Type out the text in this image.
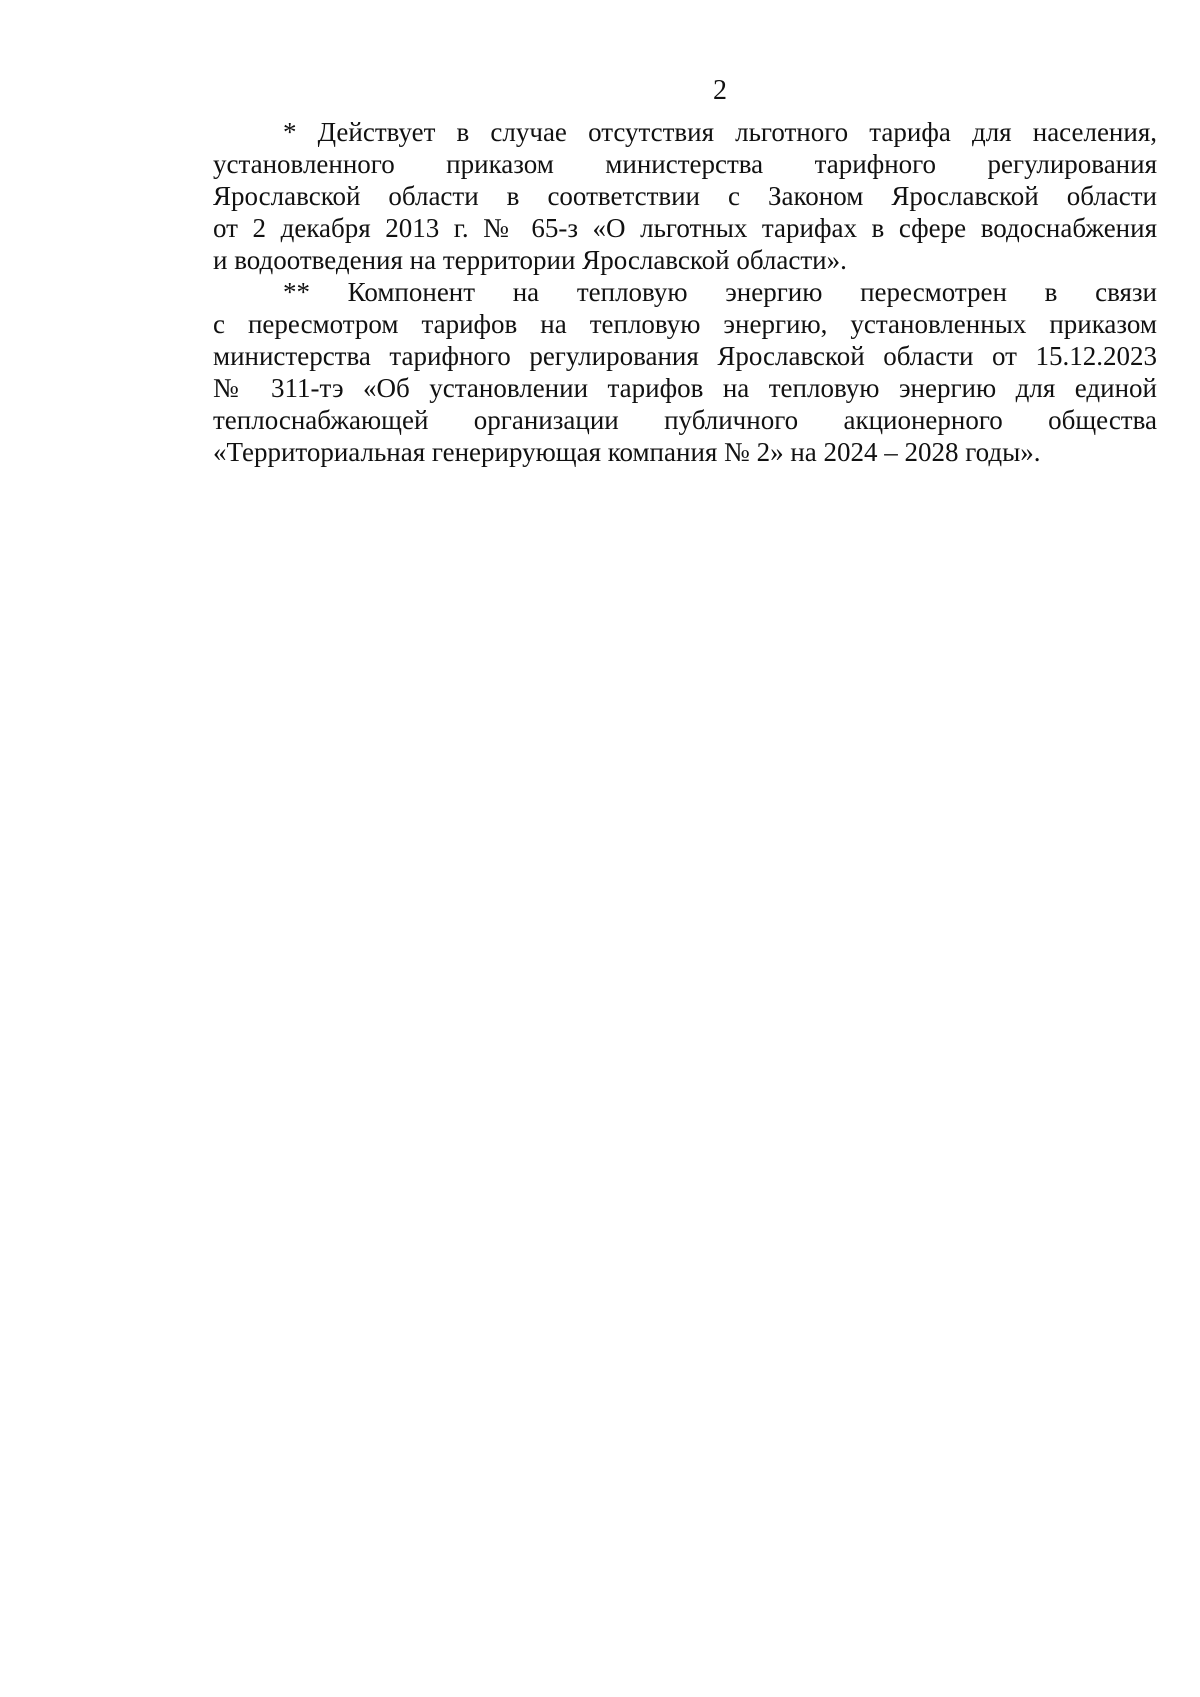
2
* Действует в случае отсутствия льготного тарифа для населения,
установленного приказом министерства тарифного регулирования
Ярославской области в соответствии с Законом Ярославской области
от 2 декабря 2013 г. № 65-з «О льготных тарифах в сфере водоснабжения
и водоотведения на территории Ярославской области».
** Компонент на тепловую энергию пересмотрен в связи
с пересмотром тарифов на тепловую энергию, установленных приказом
министерства тарифного регулирования Ярославской области от 15.12.2023
№ 311-тэ «Об установлении тарифов на тепловую энергию для единой
теплоснабжающей организации публичного акционерного общества
«Территориальная генерирующая компания № 2» на 2024 – 2028 годы».
